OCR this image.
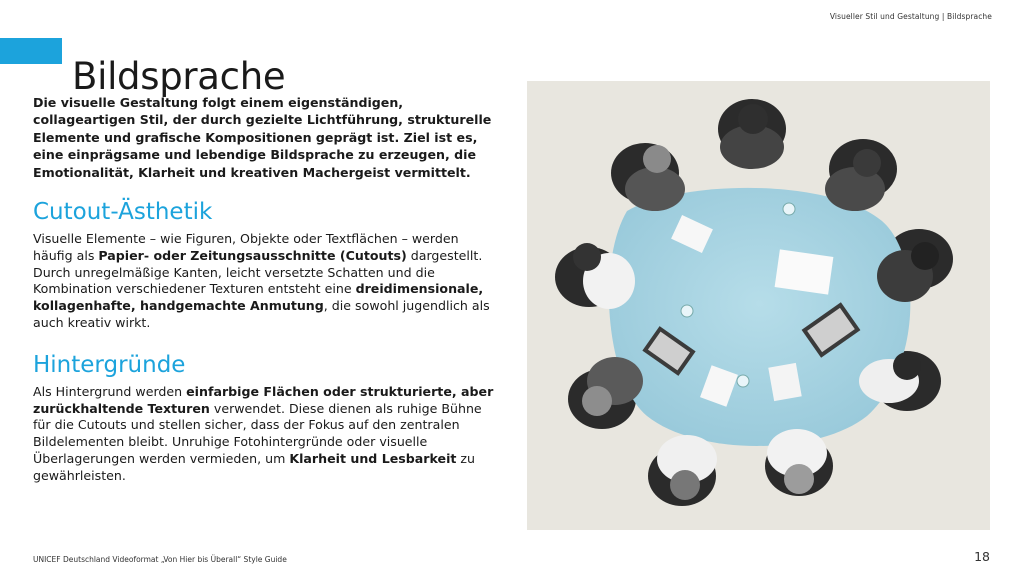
Visueller Stil und Gestaltung | Bildsprache
Bildsprache

Die visuelle Gestaltung folgt einem eigenständigen, collageartigen Stil, der durch gezielte Lichtführung, strukturelle Elemente und grafische Kompositionen geprägt ist. Ziel ist es, eine einprägsame und lebendige Bildsprache zu erzeugen, die Emotionalität, Klarheit und kreativen Machergeist vermittelt.

Cutout-Ästhetik

Visuelle Elemente – wie Figuren, Objekte oder Textflächen – werden häufig als Papier- oder Zeitungsausschnitte (Cutouts) dargestellt. Durch unregelmäßige Kanten, leicht versetzte Schatten und die Kombination verschiedener Texturen entsteht eine dreidimensionale, kollagenhafte, handgemachte Anmutung, die sowohl jugendlich als auch kreativ wirkt.

Hintergründe

Als Hintergrund werden einfarbige Flächen oder strukturierte, aber zurückhaltende Texturen verwendet. Diese dienen als ruhige Bühne für die Cutouts und stellen sicher, dass der Fokus auf den zentralen Bildelementen bleibt. Unruhige Fotohintergründe oder visuelle Überlagerungen werden vermieden, um Klarheit und Lesbarkeit zu gewährleisten.

UNICEF Deutschland Videoformat „Von Hier bis Überall“ Style Guide	18
